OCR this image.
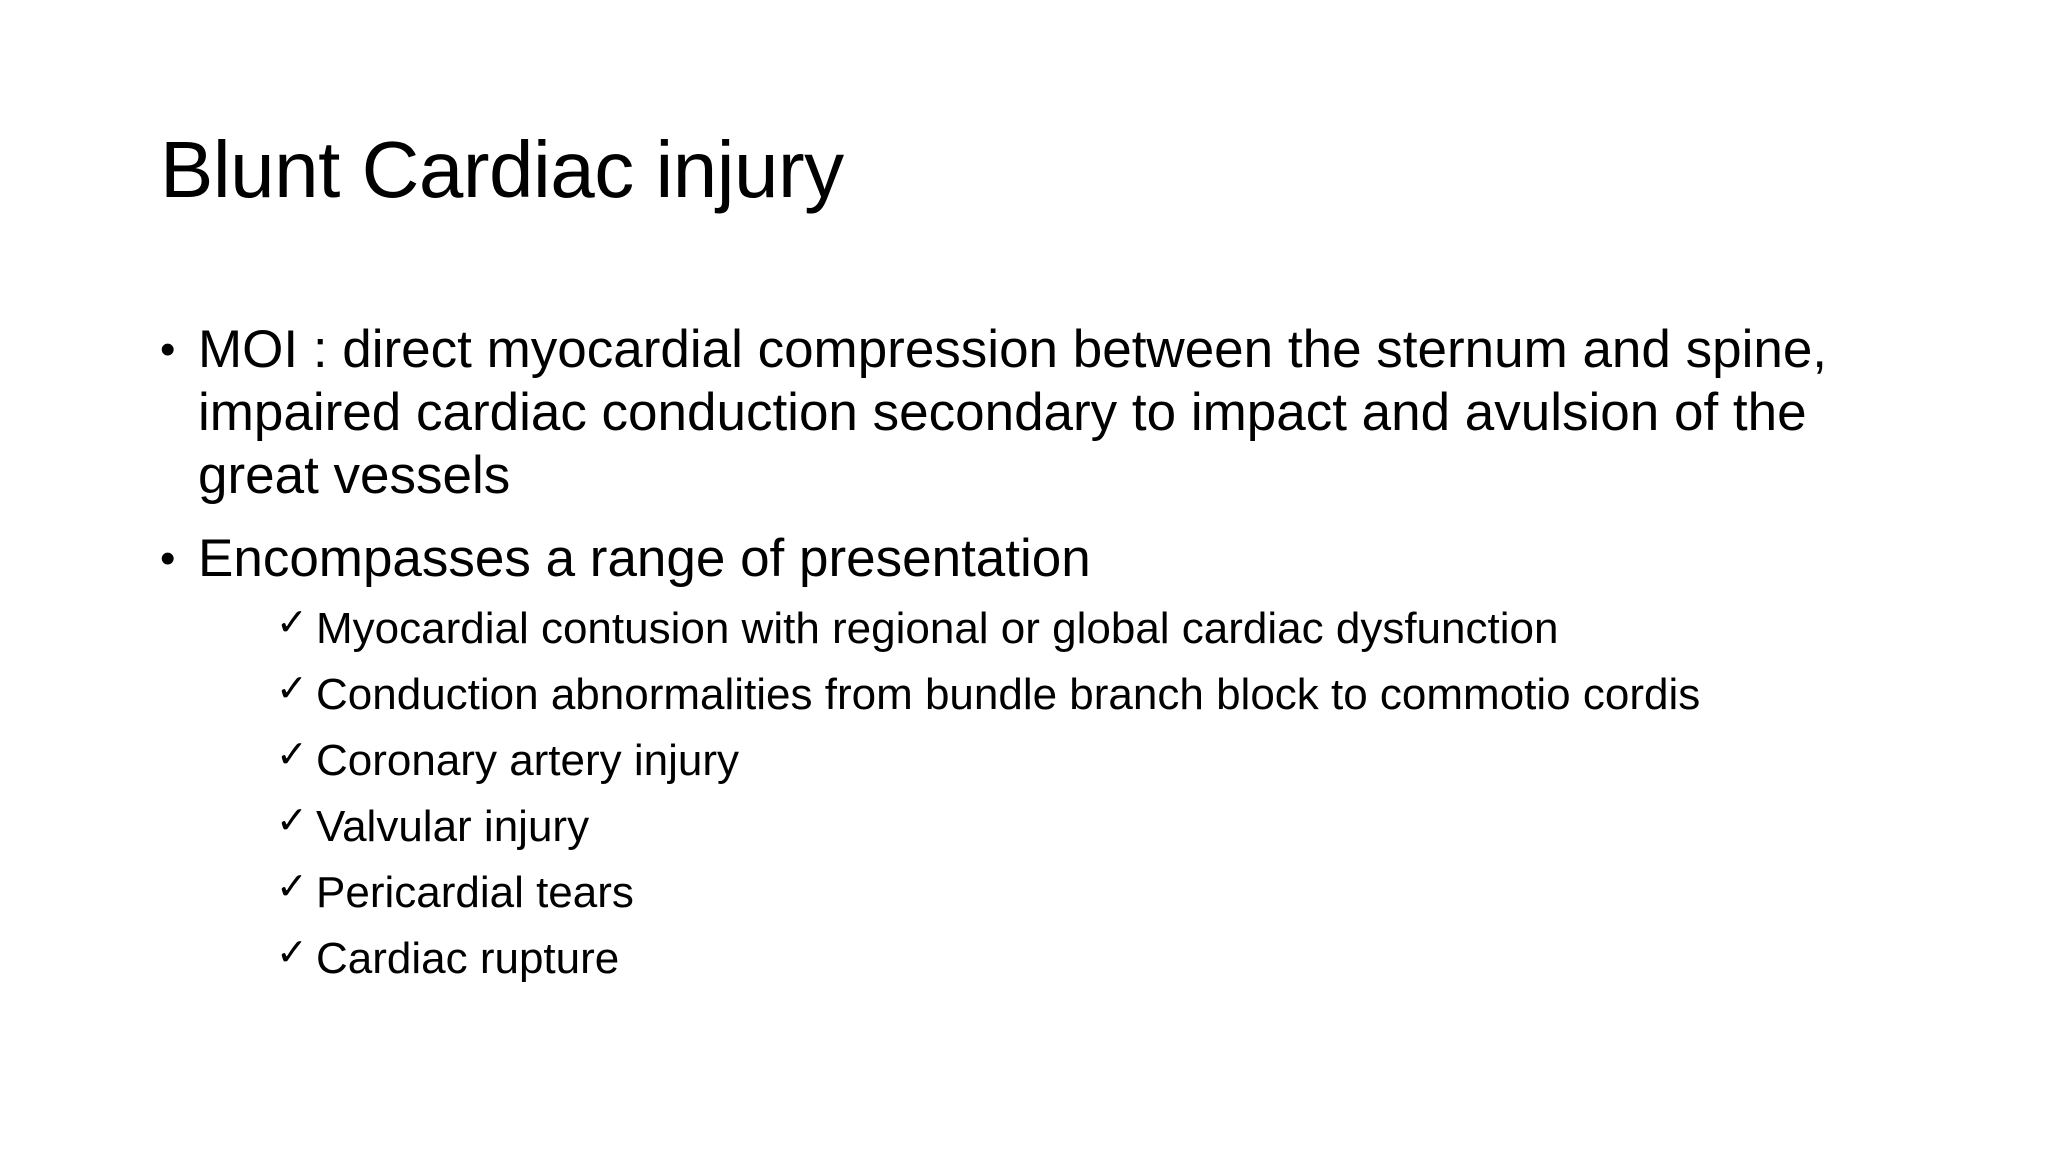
Blunt Cardiac injury
• MOI : direct myocardial compression between the sternum and spine, impaired cardiac conduction secondary to impact and avulsion of the great vessels
• Encompasses a range of presentation
✓ Myocardial contusion with regional or global cardiac dysfunction
✓ Conduction abnormalities from bundle branch block to commotio cordis
✓ Coronary artery injury
✓ Valvular injury
✓ Pericardial tears
✓ Cardiac rupture
